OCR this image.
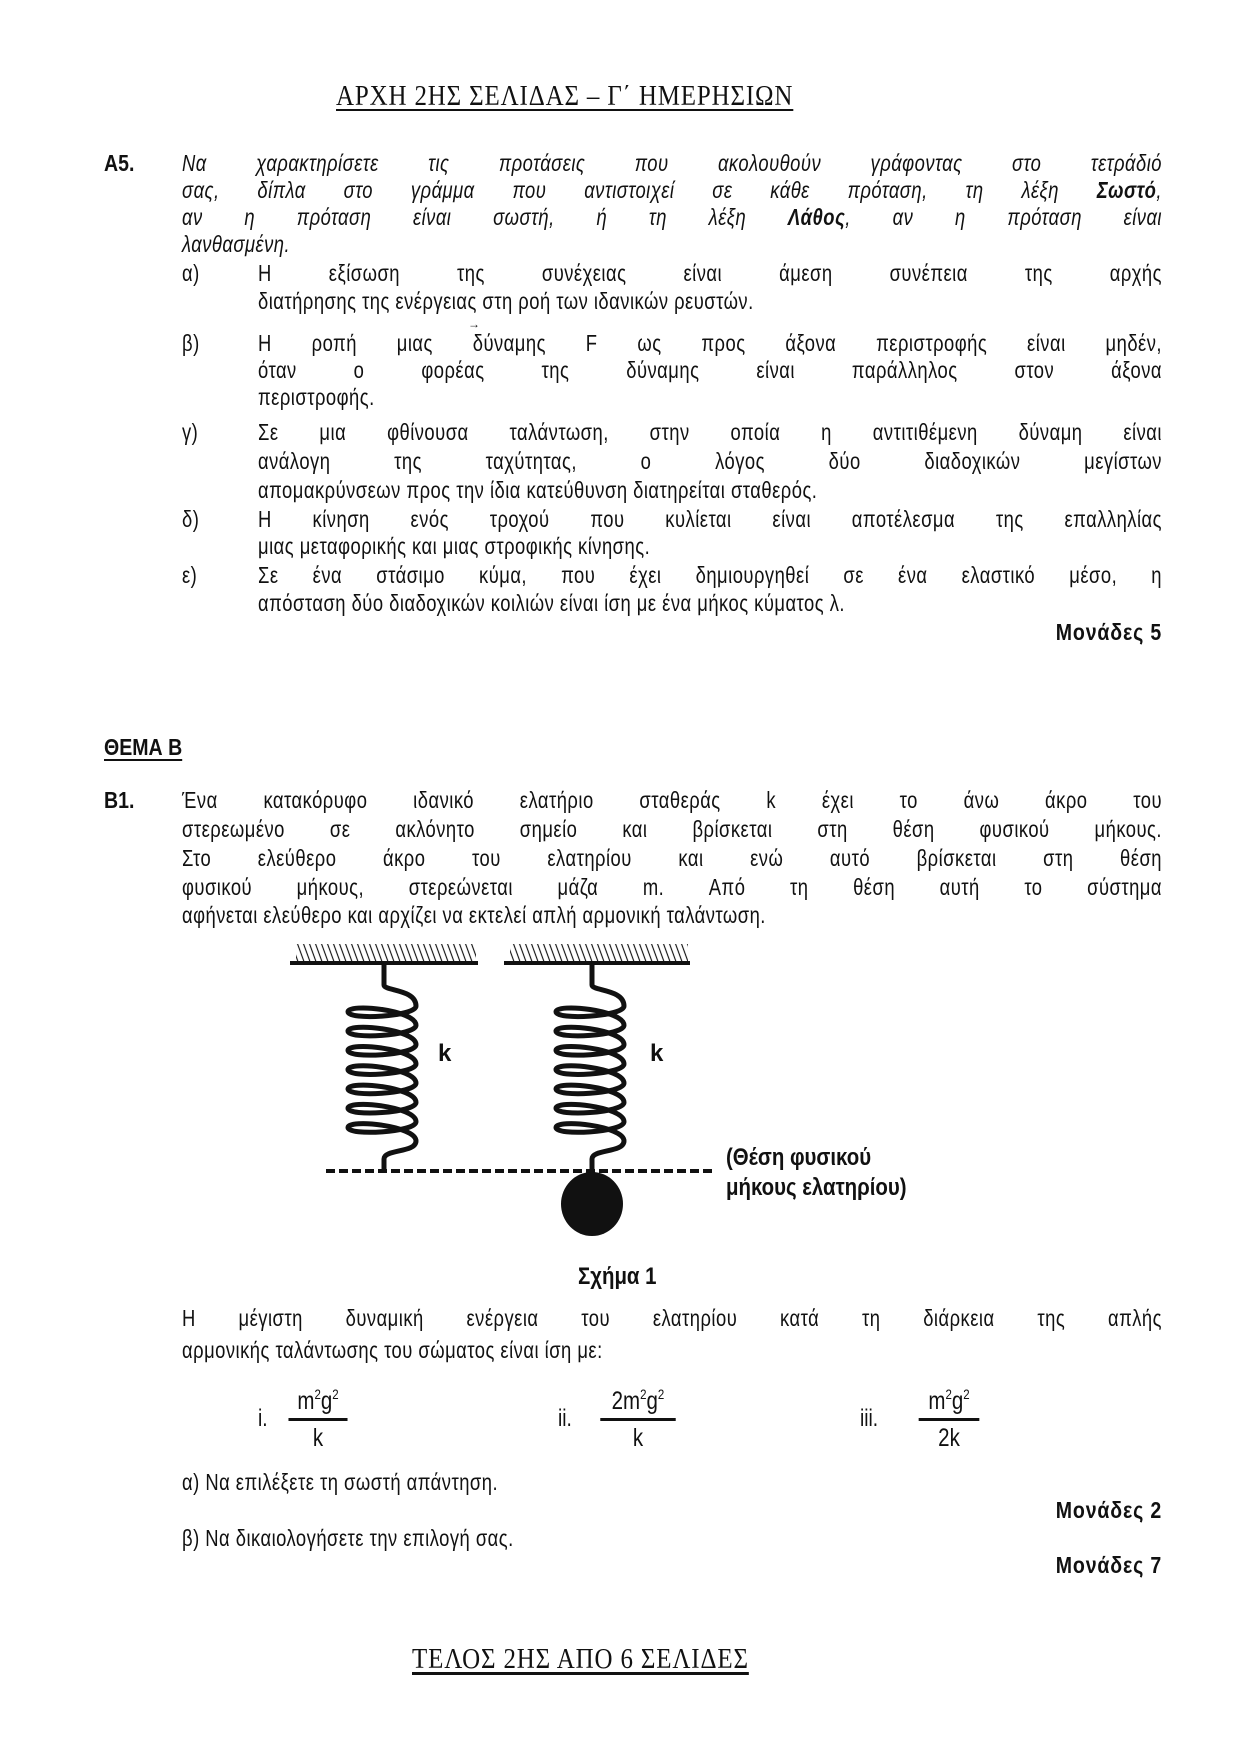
ΑΡΧΗ 2ΗΣ ΣΕΛΙΔΑΣ – Γ΄ ΗΜΕΡΗΣΙΩΝ
Α5. Να χαρακτηρίσετε τις προτάσεις που ακολουθούν γράφοντας στο τετράδιό
σας, δίπλα στο γράμμα που αντιστοιχεί σε κάθε πρόταση, τη λέξη Σωστό,
αν η πρόταση είναι σωστή, ή τη λέξη Λάθος, αν η πρόταση είναι
λανθασμένη.
α)	Η εξίσωση της συνέχειας είναι άμεση συνέπεια της αρχής
διατήρησης της ενέργειας στη ροή των ιδανικών ρευστών.
β)	Η ροπή μιας δύναμης F ως προς άξονα περιστροφής είναι μηδέν,
→
όταν ο φορέας της δύναμης είναι παράλληλος στον άξονα
περιστροφής.
γ)	Σε μια φθίνουσα ταλάντωση, στην οποία η αντιτιθέμενη δύναμη είναι
ανάλογη της ταχύτητας, ο λόγος δύο διαδοχικών μεγίστων
απομακρύνσεων προς την ίδια κατεύθυνση διατηρείται σταθερός.
δ)	Η κίνηση ενός τροχού που κυλίεται είναι αποτέλεσμα της επαλληλίας
μιας μεταφορικής και μιας στροφικής κίνησης.
ε)	Σε ένα στάσιμο κύμα, που έχει δημιουργηθεί σε ένα ελαστικό μέσο, η
απόσταση δύο διαδοχικών κοιλιών είναι ίση με ένα μήκος κύματος λ.
Μονάδες 5
ΘΕΜΑ Β
Β1. Ένα κατακόρυφο ιδανικό ελατήριο σταθεράς k έχει το άνω άκρο του
στερεωμένο σε ακλόνητο σημείο και βρίσκεται στη θέση φυσικού μήκους.
Στο ελεύθερο άκρο του ελατηρίου και ενώ αυτό βρίσκεται στη θέση
φυσικού μήκους, στερεώνεται μάζα m. Από τη θέση αυτή το σύστημα
αφήνεται ελεύθερο και αρχίζει να εκτελεί απλή αρμονική ταλάντωση.
k	k
(Θέση φυσικού
μήκους ελατηρίου)
Σχήμα 1
Η μέγιστη δυναμική ενέργεια του ελατηρίου κατά τη διάρκεια της απλής
αρμονικής ταλάντωσης του σώματος είναι ίση με:
i. $\frac{m^2g^2}{k}$	ii. $\frac{2m^2g^2}{k}$	iii. $\frac{m^2g^2}{2k}$
α) Να επιλέξετε τη σωστή απάντηση.
Μονάδες 2
β) Να δικαιολογήσετε την επιλογή σας.
Μονάδες 7
ΤΕΛΟΣ 2ΗΣ ΑΠΟ 6 ΣΕΛΙΔΕΣ
